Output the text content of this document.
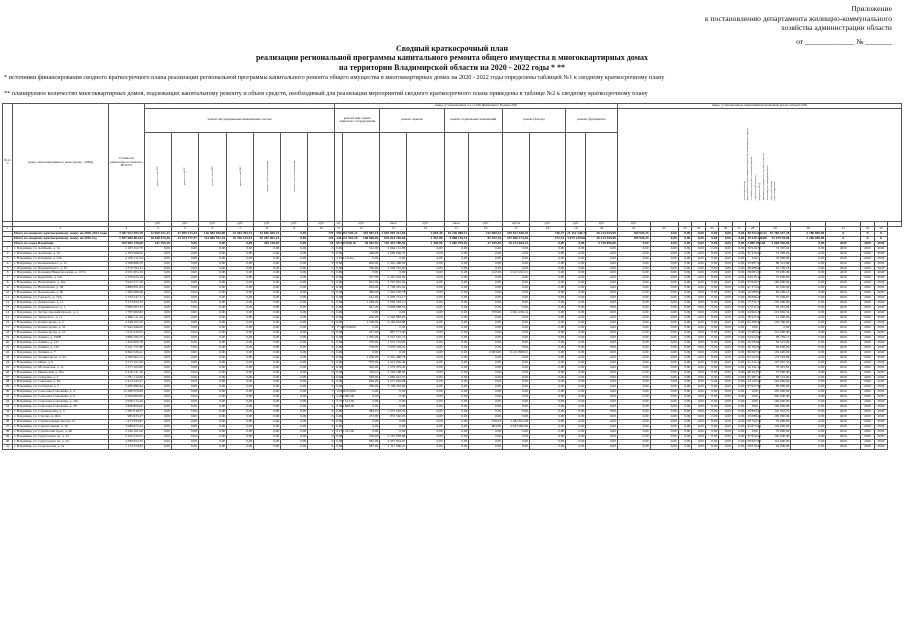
Приложение
к постановлению департамента жилищно-коммунального
хозяйства администрации области
от _____________ № _______
Сводный краткосрочный план
реализации региональной программы капитального ремонта общего имущества в многоквартирных домах
на территории Владимирской области на 2020 - 2022 годы * **
* источники финансирования сводного краткосрочного плана реализации региональной программы капитального ремонта общего имущества в многоквартирных домах на 2020 - 2022 годы определены таблицей №1 к сводному краткосрочному плану
** планируемое количество многоквартирных домов, подлежащих капитальному ремонту и объем средств, необходимый для реализации мероприятий сводного краткосрочного плана приведены в таблице №2 к сводному краткосрочному плану
№ п/п	Адрес многоквартирного дома (далее - МКД)	Стоимость капитального ремонта ВСЕГО								виды, установленные ч.1 ст.166 Жилищного Кодекса РФ										виды, установленные нормативным правовым актом субъекта РФ													
			ремонт внутридомовых инженерных систем							ремонт или замена лифтового оборудования		ремонт крыши		ремонт подвальных помещений		ремонт фасада		ремонт фундамента		утепление фасада переустройство невентилируемой крыши на вентилируемую крышу установка узлов учета тепловой энергии строительный контроль разработка ПСД проверка достоверности сметной стоимости Плановая дата завершения работ Срок выполнения Срок завершения													
			ремонт сетей ЭЭС	ремонт сетей ТС	ремонт сетей ГВС	ремонт сетей ХВС	ремонт сетей водоотведения	ремонт сетей газоснабжения																									
			руб.	руб.	руб.	руб.	руб.	руб.	руб.	ед.	руб.	кв.м	руб.	кв.м	руб.	куб.м	руб.	руб.	руб.	руб.													
1	2	3	4	5	6	7	8	9	10	11	12	13	14	15	16	17	18	19	20	21	22	23	24	25	26	27	28	29	30	31	32	33	
	Итого по сводному краткосрочному плану на 2020-2022 годы	3 387 922 055,78	12 969 521,32	37 859 513,44	136 585 920,08	22 364 395,51	43 846 506,73	0,00	179	559 357 945,22	454 987,18	2 067 081 412,66	2 803,30	10 226 088,12	112 608,52	339 551 636,76	746,37	21 152 146,74	26 214 555,69	109 926,25	0,00	0,00	0,00	0,00	0,00	0,00	40 352 642,32	67 780 557,28	2 786 000,00	X	X	X	
	Итого по сводному краткосрочному плану на 2020 год	1 597 080 863,52	10 648 515,26	14 224 777,57	114 680 767,44	10 740 145,93	20 287 061,10	0,00	124	240 621 561,16	188 698,00	824 024 185,86	2 457,80	9 868 146,51	82 552,16	247 606 173,36	272,41	3 979 239,98	26 214 555,69	109 926,25	0,00	0,00	0,00	0,00	0,00	0,00	19 328 138,88	31 979 94,00	2 286 000,00	X	X	X	
	Итого по город Владимир	355 082 126,06	241 195,10	0,00	0,00	0,00	365 120,03	0,00	34	66 593 658,16	48 962,52	192 432 786,56	1 456,00	2 860 076,61	27 939,00	76 134 664,23	0,00	0,00	5 138 896,00	0,00	0,00	0,00	0,00	0,00	0,00	0,00	4 080 495,58	4 608 936,00	0,00	2020	2020	2020	
1	г. Владимир, ул. Алябьева, д. 3а	2 167 452,70	0,00	0,00	0,00	0,00	0,00	0,00	0	0,00	522,00	2 064 131,88	0,00	0,00	0,00	0,00	0,00	0,00	0,00	0,00	0,00	0,00	0,00	0,00	0,00	0,00	30 916,70	72 397,62	0,00	2020	2020	2020	
2	г. Владимир, ул. Алябьева, д. 25	2 183 586,00	0,00	0,00	0,00	0,00	0,00	0,00	0	0,00	566,00	2 080 066,37	0,00	0,00	0,00	0,00	0,00	0,00	0,00	0,00	0,00	0,00	0,00	0,00	0,00	0,00	31 220,38	72 299,25	0,00	2020	2020	2020	
3	г. Владимир, ул. Батурина, д. 33в	2 236 111,04	0,00	0,00	0,00	0,00	0,00	0,00	1	2 166 111,04	0,00	0,00	0,00	0,00	0,00	0,00	0,00	0,00	0,00	0,00	0,00	0,00	0,00	0,00	0,00	0,00	0,00	70 000,00	0,00	2020	2020	2020	
4	г. Владимир, ул. Безыменского, д. 15	2 508 886,70	0,00	0,00	0,00	0,00	0,00	0,00	0	0,00	600,00	2 392 486,04	0,00	0,00	0,00	0,00	0,00	0,00	0,00	0,00	0,00	0,00	0,00	0,00	0,00	0,00	35 887,30	80 512,68	0,00	2020	2020	2020	
5	г. Владимир, ул. Безыменского, д. 19	3 370 784,13	0,00	0,00	0,00	0,00	0,00	0,00	0	0,00	790,00	3 229 761,90	0,00	0,00	0,00	0,00	0,00	0,00	0,00	0,00	0,00	0,00	0,00	0,00	0,00	0,00	48 286,05	92 736,18	0,00	2020	2020	2020	
6	г. Владимир, ул. Большая Нижегородская, д. 107а	2 031 601,34	0,00	0,00	0,00	0,00	0,00	0,00	0	0,00	0,00	0,00	0,00	0,00	412,50	1 912 222,21	0,00	0,00	0,00	0,00	0,00	0,00	0,00	0,00	0,00	0,00	28 683,33	70 000,00	0,00	2020	2020	2020	
7	г. Владимир, ул. Бурыгина, д. 12а	2 376 625,19	0,00	0,00	0,00	0,00	0,00	0,00	0	0,00	557,00	2 267 093,09	0,00	0,00	0,00	0,00	0,00	0,00	0,00	0,00	0,00	0,00	0,00	0,00	0,00	0,00	34 015,10	75 000,00	0,00	2020	2020	2020	
8	г. Владимир, ул. Василисина, д. 16а	3 923 577,16	0,00	0,00	0,00	0,00	0,00	0,00	0	0,00	952,00	3 707 691,59	0,00	0,00	0,00	0,00	0,00	0,00	0,00	0,00	0,00	0,00	0,00	0,00	0,00	0,00	55 926,77	160 000,00	0,00	2020	2020	2020	
9	г. Владимир, ул. Вокзальная, д. 58	2 880 691,84	0,00	0,00	0,00	0,00	0,00	0,00	0	0,00	650,00	2 758 281,62	0,00	0,00	0,00	0,00	0,00	0,00	0,00	0,00	0,00	0,00	0,00	0,00	0,00	0,00	41 374,22	81 036,00	0,00	2020	2020	2020	
10	г. Владимир, ул. Вокзальная, д. 60	1 406 408,46	0,00	0,00	0,00	0,00	0,00	0,00	0	0,00	360,00	1 304 570,78	0,00	0,00	0,00	0,00	0,00	0,00	0,00	0,00	0,00	0,00	0,00	0,00	0,00	0,00	19 568,56	82 269,12	0,00	2020	2020	2020	
11	г. Владимир, ул. Горького, д. 72А	2 576 247,11	0,00	0,00	0,00	0,00	0,00	0,00	0	0,00	612,00	2 459 751,17	0,00	0,00	0,00	0,00	0,00	0,00	0,00	0,00	0,00	0,00	0,00	0,00	0,00	0,00	36 896,27	79 599,67	0,00	2020	2020	2020	
12	г. Владимир, ул. Девическая, д. 11	5 273 834,70	0,00	0,00	0,00	0,00	0,00	0,00	0	0,00	1 248,20	5 050 183,17	0,00	0,00	0,00	0,00	0,00	0,00	0,00	0,00	0,00	0,00	0,00	0,00	0,00	0,00	75 751,75	150 000,00	0,00	2020	2020	2020	
13	г. Владимир, ул. Дзержинского, д. 1	3 960 303,15	0,00	0,00	0,00	0,00	0,00	0,00	0	0,00	947,40	3 808 088,53	0,00	0,00	0,00	0,00	0,00	0,00	0,00	0,00	0,00	0,00	0,00	0,00	0,00	0,00	57 011,03	95 201,60	0,00	2020	2020	2020	
14	г. Владимир, ул. Добросельский проезд, д. 4	1 787 660,82	0,00	0,00	0,00	0,00	0,00	0,00	0	0,00	0,00	0,00	0,00	0,00	370,00	1 661 156,14	0,00	0,00	0,00	0,00	0,00	0,00	0,00	0,00	0,00	0,00	24 902,36	101 602,34	0,00	2020	2020	2020	
15	г. Владимир, ул. Завадского, д. 11	2 600 111,44	0,00	0,00	0,00	0,00	0,00	0,00	0	0,00	630,00	2 540 883,63	0,00	0,00	0,00	0,00	0,00	0,00	0,00	0,00	0,00	0,00	0,00	0,00	0,00	0,00	38 227,81	21 000,00	0,00	2020	2020	2020	
16	г. Владимир, ул. Комиссарова, д. 2	4 348 703,30	0,00	0,00	0,00	0,00	0,00	0,00	0	0,00	1 199,00	4 146 944,88	0,00	0,00	0,00	0,00	0,00	0,00	0,00	0,00	0,00	0,00	0,00	0,00	0,00	0,00	62 398,47	139 360,00	0,00	2020	2020	2020	
17	г. Владимир, ул. Комиссарова, д. 33	17 945 646,00	0,00	0,00	0,00	0,00	0,00	0,00	8	17 945 646,00	0,00	0,00	0,00	0,00	0,00	0,00	0,00	0,00	0,00	0,00	0,00	0,00	0,00	0,00	0,00	0,00	0,00	0,00	0,00	2020	2020	2020	
18	г. Владимир, ул. Комиссарова, д. 51	1 012 236,25	0,00	0,00	0,00	0,00	0,00	0,00	0	0,00	237,00	897 771,00	0,00	0,00	0,00	0,00	0,00	0,00	0,00	0,00	0,00	0,00	0,00	0,00	0,00	0,00	13 465,25	101 000,00	0,00	2020	2020	2020	
19	г. Владимир, ул. Лакина, д. 199В	3 680 182,55	0,00	0,00	0,00	0,00	0,00	0,00	0	0,00	1 050,00	3 527 510,72	0,00	0,00	0,00	0,00	0,00	0,00	0,00	0,00	0,00	0,00	0,00	0,00	0,00	0,00	52 912,66	99 759,17	0,00	2020	2020	2020	
20	г. Владимир, ул. Лакина, д. 141	1 450 900,78	0,00	0,00	0,00	0,00	0,00	0,00	0	0,00	376,00	1 373 791,82	0,00	0,00	0,00	0,00	0,00	0,00	0,00	0,00	0,00	0,00	0,00	0,00	0,00	0,00	20 593,87	56 515,09	0,00	2020	2020	2020	
21	г. Владимир, ул. Лакина, д. 145	3 221 721,86	0,00	0,00	0,00	0,00	0,00	0,00	0	0,00	756,00	3 079 529,02	0,00	0,00	0,00	0,00	0,00	0,00	0,00	0,00	0,00	0,00	0,00	0,00	0,00	0,00	46 192,94	96 000,00	0,00	2020	2020	2020	
22	г. Владимир, ул. Ленина, д. 7	6 662 526,41	0,00	0,00	0,00	0,00	0,00	0,00	0	0,00	0,00	0,00	0,00	0,00	2 003,00	6 415 898,91	0,00	0,00	0,00	0,00	0,00	0,00	0,00	0,00	0,00	0,00	96 697,50	150 000,00	0,00	2020	2020	2020	
23	г. Владимир, ул. Ленина пр-кт, д. 34	4 560 602,72	0,00	0,00	0,00	0,00	0,00	0,00	0	0,00	1 058,00	4 361 486,78	0,00	0,00	0,00	0,00	0,00	0,00	0,00	0,00	0,00	0,00	0,00	0,00	0,00	0,00	65 522,25	133 593,69	0,00	2020	2020	2020	
24	г. Владимир, ул. Мира, д. 6	3 573 161,00	0,00	0,00	0,00	0,00	0,00	0,00	0	0,00	876,00	3 414 082,40	0,00	0,00	0,00	0,00	0,00	0,00	0,00	0,00	0,00	0,00	0,00	0,00	0,00	0,00	51 211,24	107 867,36	0,00	2020	2020	2020	
25	г. Владимир, ул. Московская, д. 11	1 375 163,00	0,00	0,00	0,00	0,00	0,00	0,00	0	0,00	362,00	1 279 479,00	0,00	0,00	0,00	0,00	0,00	0,00	0,00	0,00	0,00	0,00	0,00	0,00	0,00	0,00	19 192,19	76 491,81	0,00	2020	2020	2020	
26	г. Владимир, ул. Никитская, д. 16а	3 316 741,19	0,00	0,00	0,00	0,00	0,00	0,00	0	0,00	316,10	3 250 188,92	0,00	0,00	0,00	0,00	0,00	0,00	0,00	0,00	0,00	0,00	0,00	0,00	0,00	0,00	48 454,73	75 000,00	0,00	2020	2020	2020	
27	г. Владимир, ул. Северная, д. 2	1 791 212,00	0,00	0,00	0,00	0,00	0,00	0,00	0	0,00	540,00	1 699 012,55	0,00	0,00	0,00	0,00	0,00	0,00	0,00	0,00	0,00	0,00	0,00	0,00	0,00	0,00	25 487,45	66 712,00	0,00	2020	2020	2020	
28	г. Владимир, ул. Северная, д. 62	2 413 245,27	0,00	0,00	0,00	0,00	0,00	0,00	0	0,00	620,00	2 277 092,88	0,00	0,00	0,00	0,00	0,00	0,00	0,00	0,00	0,00	0,00	0,00	0,00	0,00	0,00	34 156,39	102 000,00	0,00	2020	2020	2020	
29	г. Владимир, ул. Соборная, д. 7	3 285 980,94	0,00	0,00	0,00	0,00	0,00	0,00	0	0,00	780,00	3 158 352,00	0,00	0,00	0,00	0,00	0,00	0,00	0,00	0,00	0,00	0,00	0,00	0,00	0,00	0,00	47 627,66	80 000,00	0,00	2020	2020	2020	
30	г. Владимир, ул. Соколова-Соколенка, д. 4	15 280 979,80	0,00	0,00	0,00	0,00	0,00	0,00	7	14 930 979,80	0,00	0,00	0,00	0,00	0,00	0,00	0,00	0,00	0,00	0,00	0,00	0,00	0,00	0,00	0,00	0,00	0,00	350 000,00	0,00	2020	2020	2020	
31	г. Владимир, ул. Соколова-Соколенка, д. 6	4 560 882,00	0,00	0,00	0,00	0,00	0,00	0,00	2	4 260 882,00	0,00	0,00	0,00	0,00	0,00	0,00	0,00	0,00	0,00	0,00	0,00	0,00	0,00	0,00	0,00	0,00	0,00	300 000,00	0,00	2020	2020	2020	
32	г. Владимир, ул. Соколова-Соколенка, д. 10а	2 936 513,40	0,00	0,00	0,00	0,00	0,00	0,00	1	2 776 513,40	0,00	0,00	0,00	0,00	0,00	0,00	0,00	0,00	0,00	0,00	0,00	0,00	0,00	0,00	0,00	0,00	0,00	160 000,00	0,00	2020	2020	2020	
33	г. Владимир, ул. Соколова-Соколенка, д. 18	4 490 806,00	0,00	0,00	0,00	0,00	0,00	0,00	2	4 390 806,00	0,00	0,00	0,00	0,00	0,00	0,00	0,00	0,00	0,00	0,00	0,00	0,00	0,00	0,00	0,00	0,00	0,00	100 000,00	0,00	2020	2020	2020	
34	г. Владимир, ул. Студенческая, д. 3	1 387 018,57	0,00	0,00	0,00	0,00	0,00	0,00	0	0,00	382,10	1 257 563,35	0,00	0,00	0,00	0,00	0,00	0,00	0,00	0,00	0,00	0,00	0,00	0,00	0,00	0,00	18 863,47	110 591,75	0,00	2020	2020	2020	
35	г. Владимир, ул. Стасова, д. 46А	985 633,27	0,00	0,00	0,00	0,00	0,00	0,00	0	0,00	233,00	872 540,03	0,00	0,00	0,00	0,00	0,00	0,00	0,00	0,00	0,00	0,00	0,00	0,00	0,00	0,00	13 088,24	100 000,00	0,00	2020	2020	2020	
36	г. Владимир, ул. Строительный проезд, 52	1 473 593,87	0,00	0,00	0,00	0,00	0,00	0,00	0	0,00	0,00	0,00	0,00	0,00	376,02	1 382 851,09	0,00	0,00	0,00	0,00	0,00	0,00	0,00	0,00	0,00	0,00	20 742,78	70 000,00	0,00	2020	2020	2020	
37	г. Владимир, ул. Строительный, д. 16	3 068 875,44	0,00	0,00	0,00	0,00	0,00	0,00	0	0,00	0,00	0,00	0,00	0,00	864,00	2 923 000,00	0,00	0,00	0,00	0,00	0,00	0,00	0,00	0,00	0,00	0,00	43 875,44	102 000,00	0,00	2020	2020	2020	
38	г. Владимир, ул. Строителей пр-кт, д. 46	2 240 161,00	0,00	0,00	0,00	0,00	0,00	0,00	1	2 170 161,00	0,00	0,00	0,00	0,00	0,00	0,00	0,00	0,00	0,00	0,00	0,00	0,00	0,00	0,00	0,00	0,00	0,00	70 000,00	0,00	2020	2020	2020	
39	г. Владимир, ул. Судогодское ш., д. 23	3 345 541,01	0,00	0,00	0,00	0,00	0,00	0,00	0	0,00	736,00	3 197 083,69	0,00	0,00	0,00	0,00	0,00	0,00	0,00	0,00	0,00	0,00	0,00	0,00	0,00	0,00	47 956,26	100 000,00	0,00	2020	2020	2020	
40	г. Владимир, ул. Судогодское ш., д. 25	4 780 822,35	0,00	0,00	0,00	0,00	0,00	0,00	0	0,00	865,00	4 597 854,67	0,00	0,00	0,00	0,00	0,00	0,00	0,00	0,00	0,00	0,00	0,00	0,00	0,00	0,00	68 967,68	114 000,00	0,00	2020	2020	2020	
41	г. Владимир, ул. Суздальская, д. 5а	1 174 579,62	0,00	0,00	0,00	0,00	0,00	0,00	0	0,00	287,00	1 117 960,22	0,00	0,00	0,00	0,00	0,00	0,00	0,00	0,00	0,00	0,00	0,00	0,00	0,00	0,00	16 619,40	40 000,00	0,00	2020	2020	2020	
